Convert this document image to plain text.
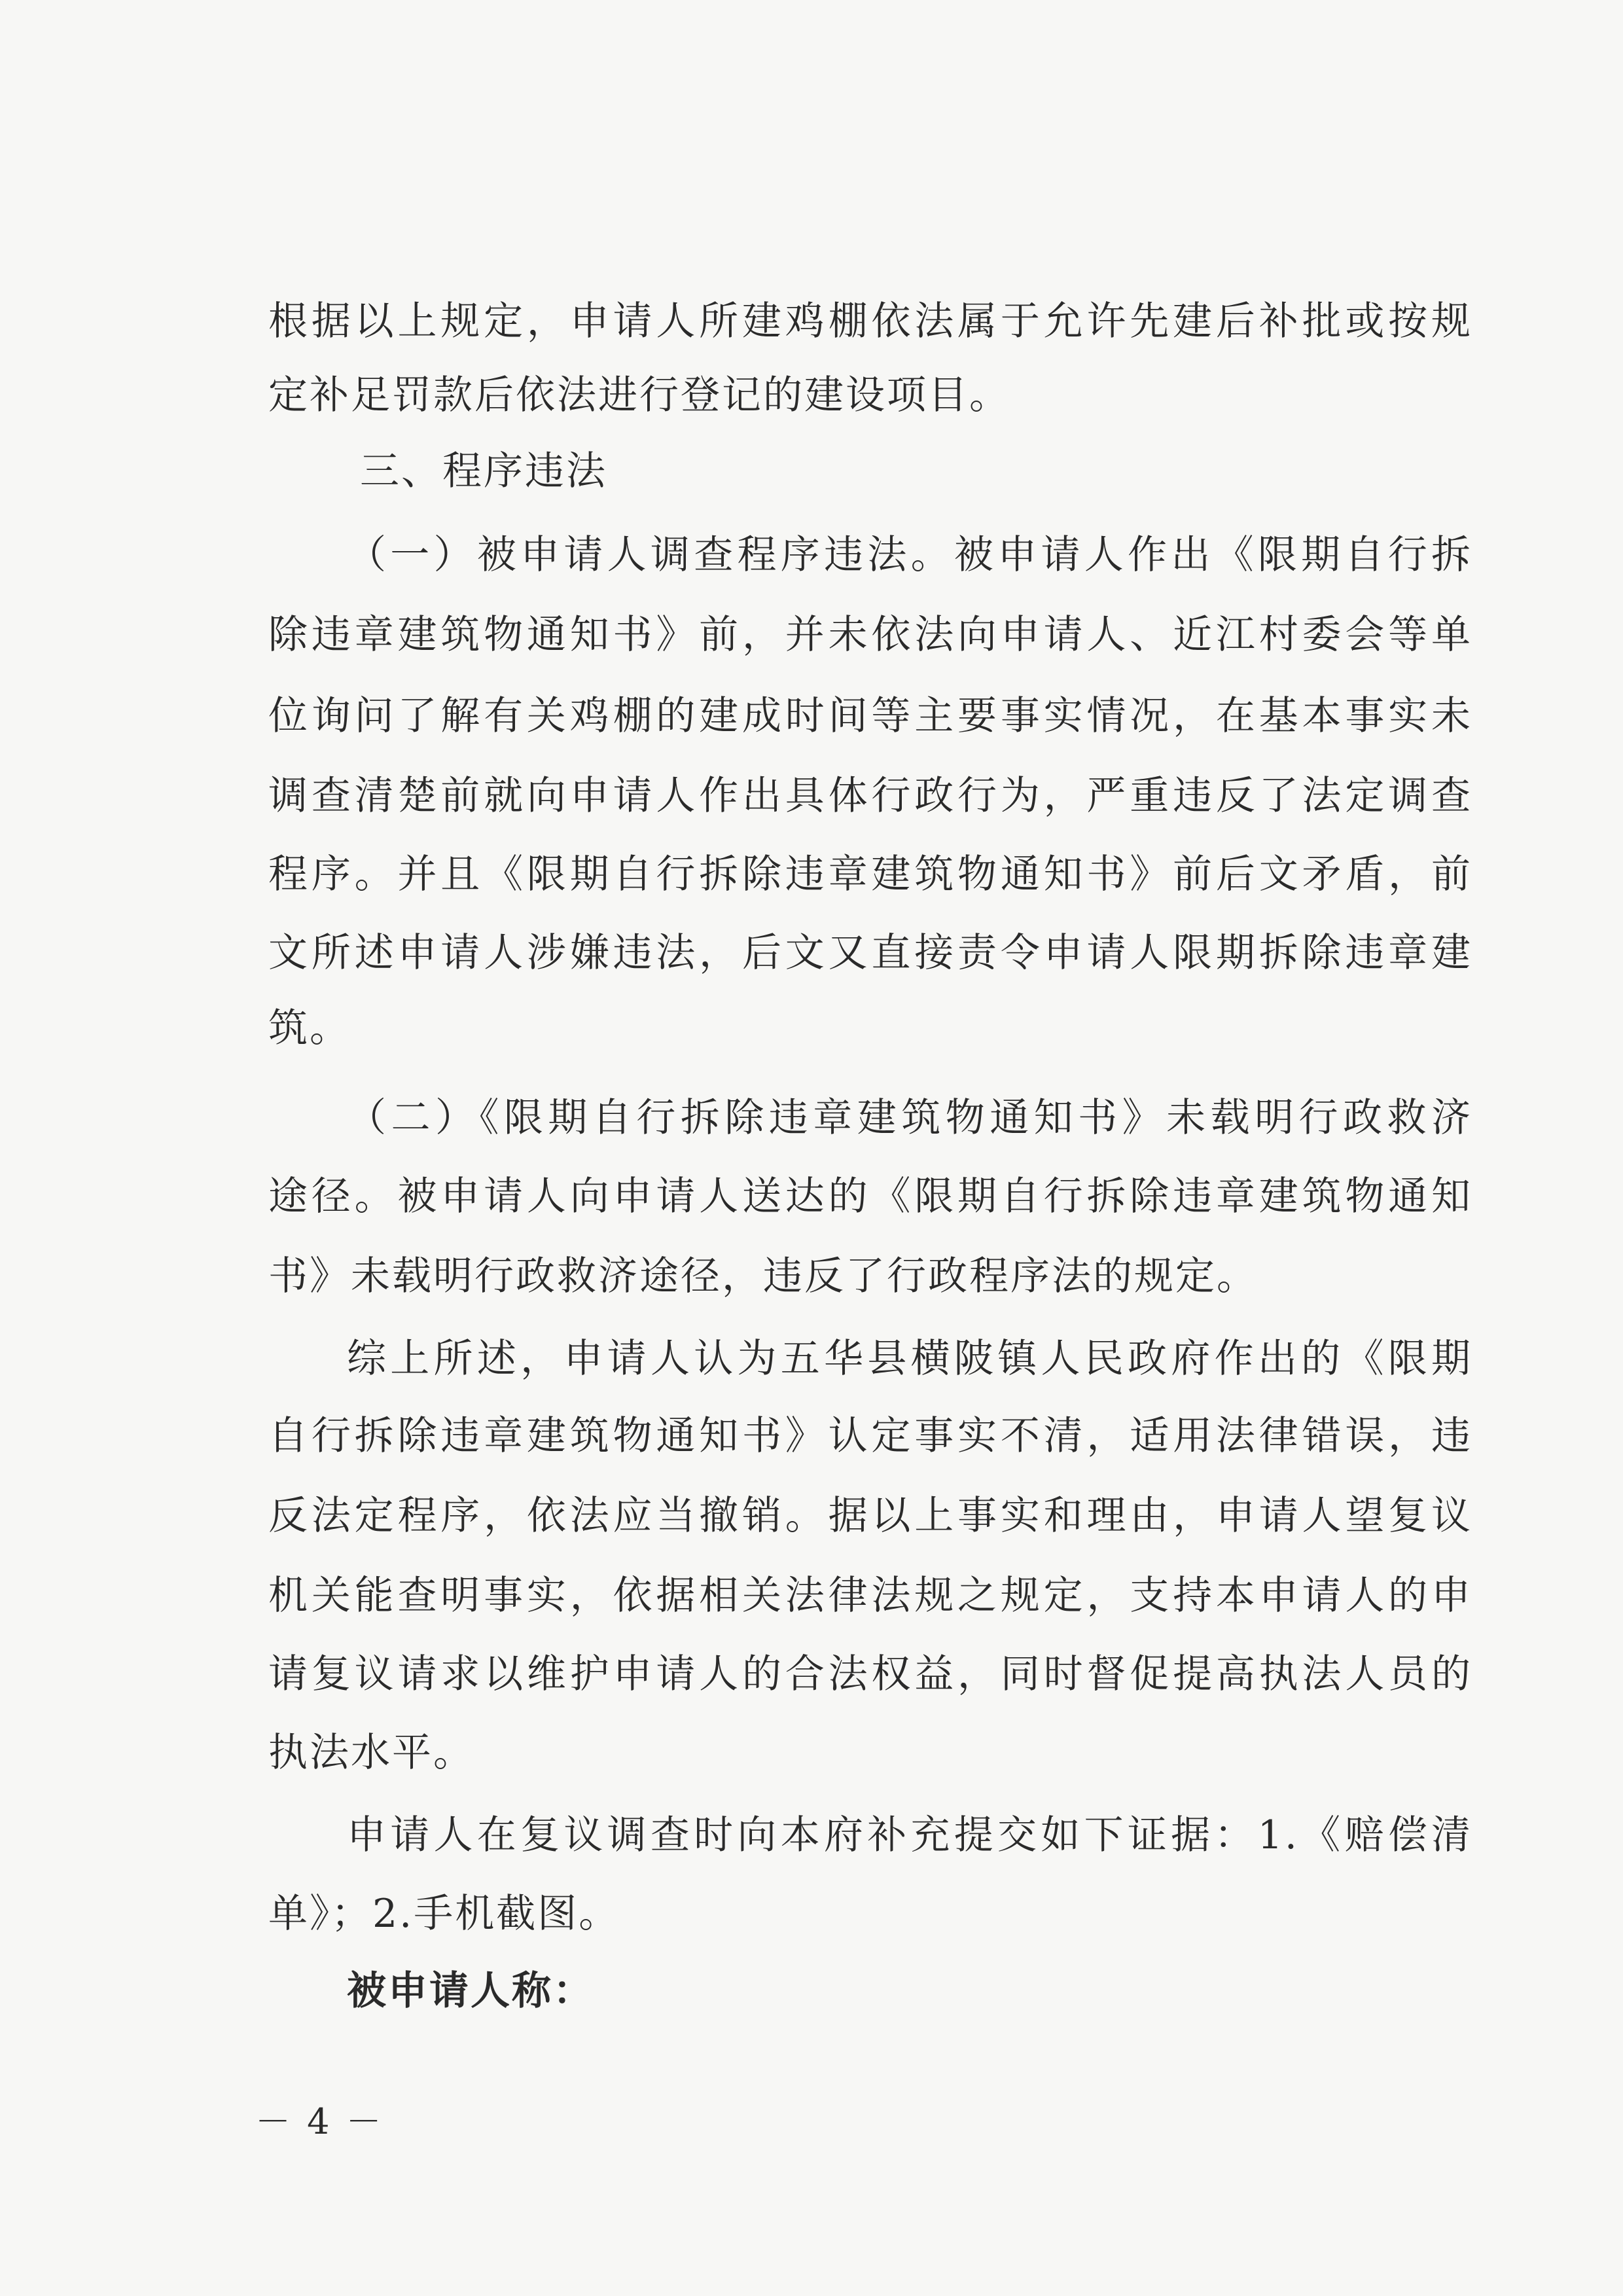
根据以上规定，申请人所建鸡棚依法属于允许先建后补批或按规
定补足罚款后依法进行登记的建设项目。
三、程序违法
（一）被申请人调查程序违法。被申请人作出《限期自行拆
除违章建筑物通知书》前，并未依法向申请人、近江村委会等单
位询问了解有关鸡棚的建成时间等主要事实情况，在基本事实未
调查清楚前就向申请人作出具体行政行为，严重违反了法定调查
程序。并且《限期自行拆除违章建筑物通知书》前后文矛盾，前
文所述申请人涉嫌违法，后文又直接责令申请人限期拆除违章建
筑。
（二）《限期自行拆除违章建筑物通知书》未载明行政救济
途径。被申请人向申请人送达的《限期自行拆除违章建筑物通知
书》未载明行政救济途径，违反了行政程序法的规定。
综上所述，申请人认为五华县横陂镇人民政府作出的《限期
自行拆除违章建筑物通知书》认定事实不清，适用法律错误，违
反法定程序，依法应当撤销。据以上事实和理由，申请人望复议
机关能查明事实，依据相关法律法规之规定，支持本申请人的申
请复议请求以维护申请人的合法权益，同时督促提高执法人员的
执法水平。
申请人在复议调查时向本府补充提交如下证据：1.《赔偿清
单》；2.手机截图。
被申请人称：
－ 4 －
